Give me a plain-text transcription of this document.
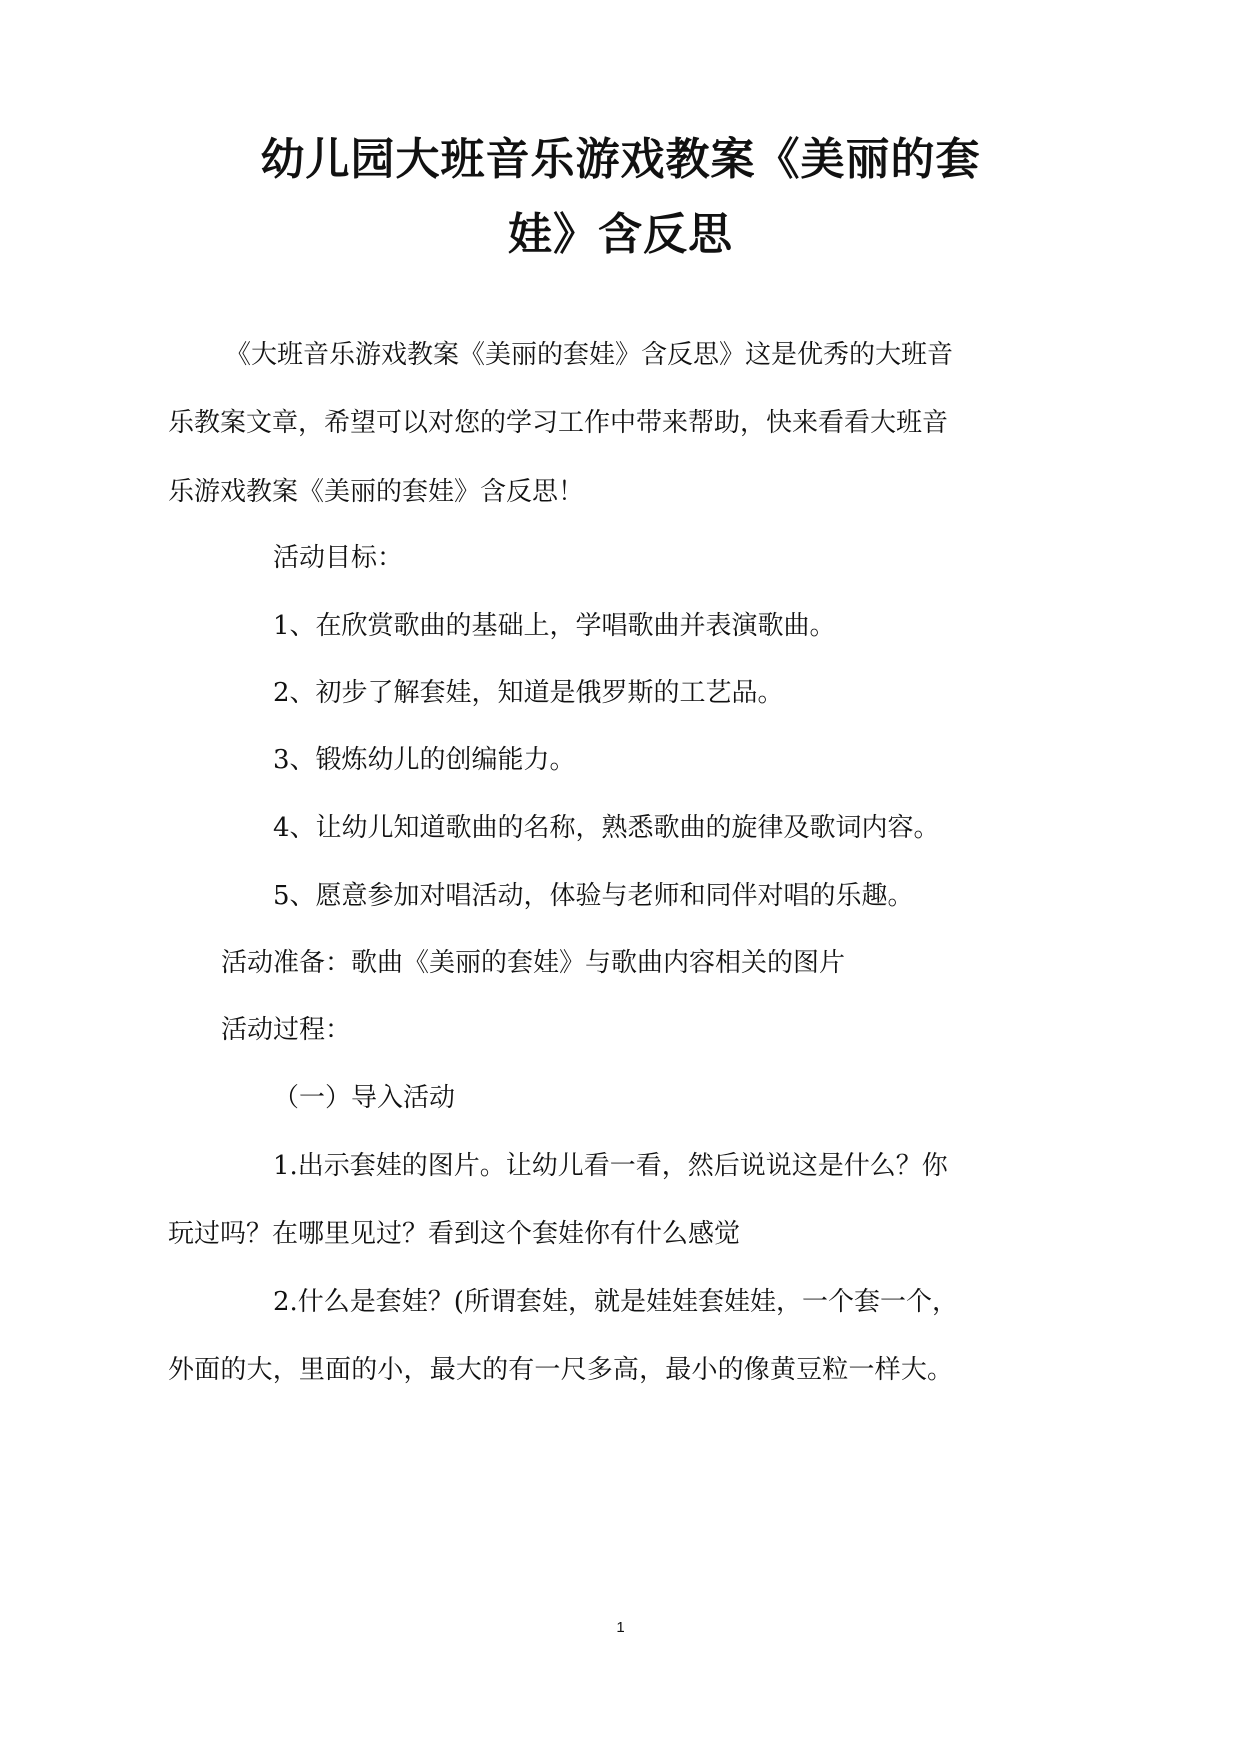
幼儿园大班音乐游戏教案《美丽的套
娃》含反思

《大班音乐游戏教案《美丽的套娃》含反思》这是优秀的大班音

乐教案文章，希望可以对您的学习工作中带来帮助，快来看看大班音

乐游戏教案《美丽的套娃》含反思！

活动目标：

1、在欣赏歌曲的基础上，学唱歌曲并表演歌曲。

2、初步了解套娃，知道是俄罗斯的工艺品。

3、锻炼幼儿的创编能力。

4、让幼儿知道歌曲的名称，熟悉歌曲的旋律及歌词内容。

5、愿意参加对唱活动，体验与老师和同伴对唱的乐趣。

活动准备：歌曲《美丽的套娃》与歌曲内容相关的图片

活动过程：

（一）导入活动

1.出示套娃的图片。让幼儿看一看，然后说说这是什么？你

玩过吗？在哪里见过？看到这个套娃你有什么感觉

2.什么是套娃？(所谓套娃，就是娃娃套娃娃，一个套一个，

外面的大，里面的小，最大的有一尺多高，最小的像黄豆粒一样大。

1
